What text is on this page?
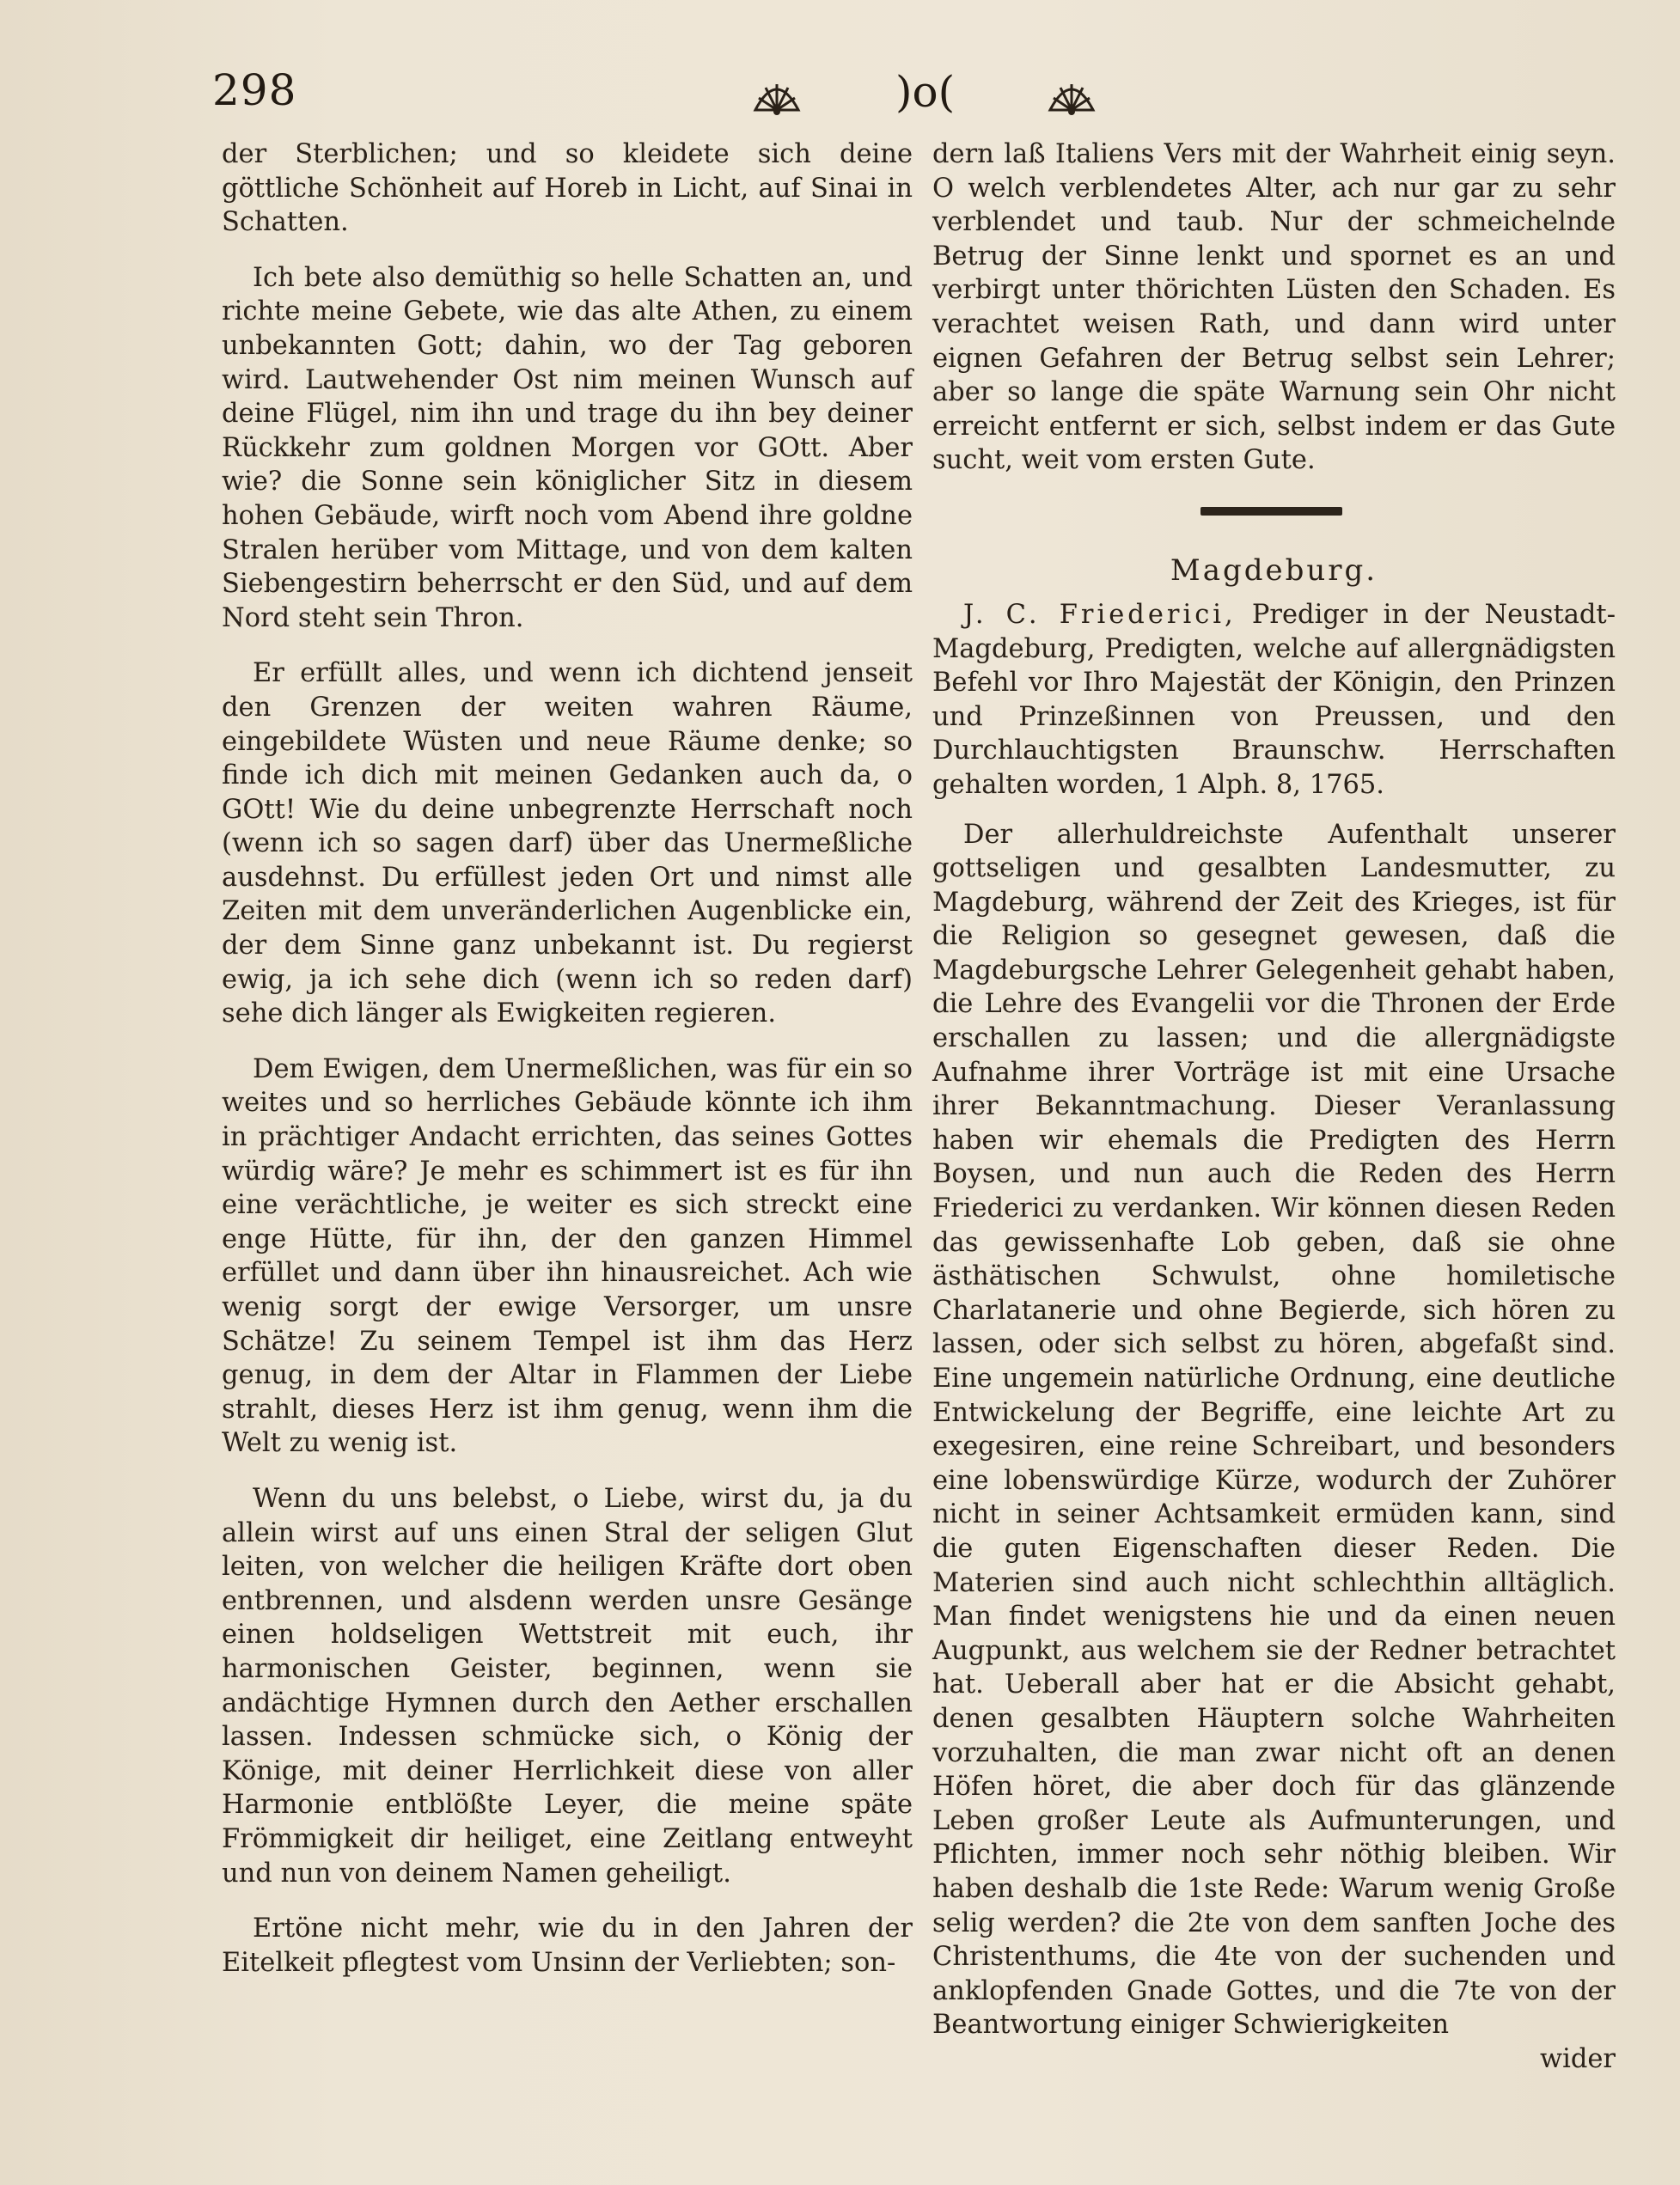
298	)o(

der Sterblichen; und so kleidete sich deine göttliche Schönheit auf Horeb in Licht, auf Sinai in Schatten.

Ich bete also demüthig so helle Schatten an, und richte meine Gebete, wie das alte Athen, zu einem unbekannten Gott; dahin, wo der Tag geboren wird. Lautwehender Ost nim meinen Wunsch auf deine Flügel, nim ihn und trage du ihn bey deiner Rückkehr zum goldnen Morgen vor GOtt. Aber wie? die Sonne sein königlicher Sitz in diesem hohen Gebäude, wirft noch vom Abend ihre goldne Stralen herüber vom Mittage, und von dem kalten Siebengestirn beherrscht er den Süd, und auf dem Nord steht sein Thron.

Er erfüllt alles, und wenn ich dichtend jenseit den Grenzen der weiten wahren Räume, eingebildete Wüsten und neue Räume denke; so finde ich dich mit meinen Gedanken auch da, o GOtt! Wie du deine unbegrenzte Herrschaft noch (wenn ich so sagen darf) über das Unermeßliche ausdehnst. Du erfüllest jeden Ort und nimst alle Zeiten mit dem unveränderlichen Augenblicke ein, der dem Sinne ganz unbekannt ist. Du regierst ewig, ja ich sehe dich (wenn ich so reden darf) sehe dich länger als Ewigkeiten regieren.

Dem Ewigen, dem Unermeßlichen, was für ein so weites und so herrliches Gebäude könnte ich ihm in prächtiger Andacht errichten, das seines Gottes würdig wäre? Je mehr es schimmert ist es für ihn eine verächtliche, je weiter es sich streckt eine enge Hütte, für ihn, der den ganzen Himmel erfüllet und dann über ihn hinausreichet. Ach wie wenig sorgt der ewige Versorger, um unsre Schätze! Zu seinem Tempel ist ihm das Herz genug, in dem der Altar in Flammen der Liebe strahlt, dieses Herz ist ihm genug, wenn ihm die Welt zu wenig ist.

Wenn du uns belebst, o Liebe, wirst du, ja du allein wirst auf uns einen Stral der seligen Glut leiten, von welcher die heiligen Kräfte dort oben entbrennen, und alsdenn werden unsre Gesänge einen holdseligen Wettstreit mit euch, ihr harmonischen Geister, beginnen, wenn sie andächtige Hymnen durch den Aether erschallen lassen. Indessen schmücke sich, o König der Könige, mit deiner Herrlichkeit diese von aller Harmonie entblößte Leyer, die meine späte Frömmigkeit dir heiliget, eine Zeitlang entweyht und nun von deinem Namen geheiligt.

Ertöne nicht mehr, wie du in den Jahren der Eitelkeit pflegtest vom Unsinn der Verliebten; son-

dern laß Italiens Vers mit der Wahrheit einig seyn. O welch verblendetes Alter, ach nur gar zu sehr verblendet und taub. Nur der schmeichelnde Betrug der Sinne lenkt und spornet es an und verbirgt unter thörichten Lüsten den Schaden. Es verachtet weisen Rath, und dann wird unter eignen Gefahren der Betrug selbst sein Lehrer; aber so lange die späte Warnung sein Ohr nicht erreicht entfernt er sich, selbst indem er das Gute sucht, weit vom ersten Gute.

Magdeburg.

J. C. Friederici, Prediger in der Neustadt-Magdeburg, Predigten, welche auf allergnädigsten Befehl vor Ihro Majestät der Königin, den Prinzen und Prinzeßinnen von Preussen, und den Durchlauchtigsten Braunschw. Herrschaften gehalten worden, 1 Alph. 8, 1765.

Der allerhuldreichste Aufenthalt unserer gottseligen und gesalbten Landesmutter, zu Magdeburg, während der Zeit des Krieges, ist für die Religion so gesegnet gewesen, daß die Magdeburgsche Lehrer Gelegenheit gehabt haben, die Lehre des Evangelii vor die Thronen der Erde erschallen zu lassen; und die allergnädigste Aufnahme ihrer Vorträge ist mit eine Ursache ihrer Bekanntmachung. Dieser Veranlassung haben wir ehemals die Predigten des Herrn Boysen, und nun auch die Reden des Herrn Friederici zu verdanken. Wir können diesen Reden das gewissenhafte Lob geben, daß sie ohne ästhätischen Schwulst, ohne homiletische Charlatanerie und ohne Begierde, sich hören zu lassen, oder sich selbst zu hören, abgefaßt sind. Eine ungemein natürliche Ordnung, eine deutliche Entwickelung der Begriffe, eine leichte Art zu exegesiren, eine reine Schreibart, und besonders eine lobenswürdige Kürze, wodurch der Zuhörer nicht in seiner Achtsamkeit ermüden kann, sind die guten Eigenschaften dieser Reden. Die Materien sind auch nicht schlechthin alltäglich. Man findet wenigstens hie und da einen neuen Augpunkt, aus welchem sie der Redner betrachtet hat. Ueberall aber hat er die Absicht gehabt, denen gesalbten Häuptern solche Wahrheiten vorzuhalten, die man zwar nicht oft an denen Höfen höret, die aber doch für das glänzende Leben großer Leute als Aufmunterungen, und Pflichten, immer noch sehr nöthig bleiben. Wir haben deshalb die 1ste Rede: Warum wenig Große selig werden? die 2te von dem sanften Joche des Christenthums, die 4te von der suchenden und anklopfenden Gnade Gottes, und die 7te von der Beantwortung einiger Schwierigkeiten

wider
